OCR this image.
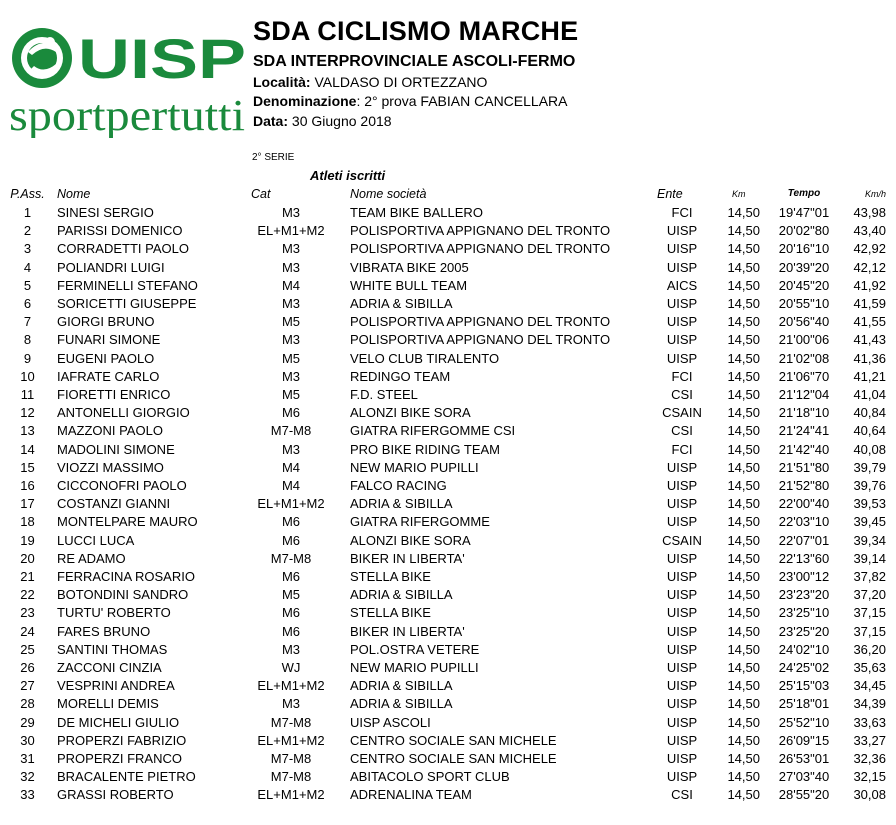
UISP
sportpertutti
SDA CICLISMO MARCHE
SDA INTERPROVINCIALE ASCOLI-FERMO
Località: VALDASO DI ORTEZZANO
Denominazione: 2° prova FABIAN CANCELLARA
Data: 30 Giugno 2018
2° SERIE
Atleti iscritti
P.Ass. Nome	Cat	Nome società	Ente	Km	Tempo	Km/h
1	SINESI SERGIO	M3	TEAM BIKE BALLERO	FCI	14,50	19'47"01	43,98
2	PARISSI DOMENICO	EL+M1+M2	POLISPORTIVA APPIGNANO DEL TRONTO	UISP	14,50	20'02"80	43,40
3	CORRADETTI PAOLO	M3	POLISPORTIVA APPIGNANO DEL TRONTO	UISP	14,50	20'16"10	42,92
4	POLIANDRI LUIGI	M3	VIBRATA BIKE 2005	UISP	14,50	20'39"20	42,12
5	FERMINELLI STEFANO	M4	WHITE BULL TEAM	AICS	14,50	20'45"20	41,92
6	SORICETTI GIUSEPPE	M3	ADRIA & SIBILLA	UISP	14,50	20'55"10	41,59
7	GIORGI BRUNO	M5	POLISPORTIVA APPIGNANO DEL TRONTO	UISP	14,50	20'56"40	41,55
8	FUNARI SIMONE	M3	POLISPORTIVA APPIGNANO DEL TRONTO	UISP	14,50	21'00"06	41,43
9	EUGENI PAOLO	M5	VELO CLUB TIRALENTO	UISP	14,50	21'02"08	41,36
10	IAFRATE CARLO	M3	REDINGO TEAM	FCI	14,50	21'06"70	41,21
11	FIORETTI ENRICO	M5	F.D. STEEL	CSI	14,50	21'12"04	41,04
12	ANTONELLI GIORGIO	M6	ALONZI BIKE SORA	CSAIN	14,50	21'18"10	40,84
13	MAZZONI PAOLO	M7-M8	GIATRA RIFERGOMME CSI	CSI	14,50	21'24"41	40,64
14	MADOLINI SIMONE	M3	PRO BIKE RIDING TEAM	FCI	14,50	21'42"40	40,08
15	VIOZZI MASSIMO	M4	NEW MARIO PUPILLI	UISP	14,50	21'51"80	39,79
16	CICCONOFRI PAOLO	M4	FALCO RACING	UISP	14,50	21'52"80	39,76
17	COSTANZI GIANNI	EL+M1+M2	ADRIA & SIBILLA	UISP	14,50	22'00"40	39,53
18	MONTELPARE MAURO	M6	GIATRA RIFERGOMME	UISP	14,50	22'03"10	39,45
19	LUCCI LUCA	M6	ALONZI BIKE SORA	CSAIN	14,50	22'07"01	39,34
20	RE ADAMO	M7-M8	BIKER IN LIBERTA'	UISP	14,50	22'13"60	39,14
21	FERRACINA ROSARIO	M6	STELLA BIKE	UISP	14,50	23'00"12	37,82
22	BOTONDINI SANDRO	M5	ADRIA & SIBILLA	UISP	14,50	23'23"20	37,20
23	TURTU' ROBERTO	M6	STELLA BIKE	UISP	14,50	23'25"10	37,15
24	FARES BRUNO	M6	BIKER IN LIBERTA'	UISP	14,50	23'25"20	37,15
25	SANTINI THOMAS	M3	POL.OSTRA VETERE	UISP	14,50	24'02"10	36,20
26	ZACCONI CINZIA	WJ	NEW MARIO PUPILLI	UISP	14,50	24'25"02	35,63
27	VESPRINI ANDREA	EL+M1+M2	ADRIA & SIBILLA	UISP	14,50	25'15"03	34,45
28	MORELLI DEMIS	M3	ADRIA & SIBILLA	UISP	14,50	25'18"01	34,39
29	DE MICHELI GIULIO	M7-M8	UISP ASCOLI	UISP	14,50	25'52"10	33,63
30	PROPERZI FABRIZIO	EL+M1+M2	CENTRO SOCIALE SAN MICHELE	UISP	14,50	26'09"15	33,27
31	PROPERZI FRANCO	M7-M8	CENTRO SOCIALE SAN MICHELE	UISP	14,50	26'53"01	32,36
32	BRACALENTE PIETRO	M7-M8	ABITACOLO SPORT CLUB	UISP	14,50	27'03"40	32,15
33	GRASSI ROBERTO	EL+M1+M2	ADRENALINA TEAM	CSI	14,50	28'55"20	30,08
